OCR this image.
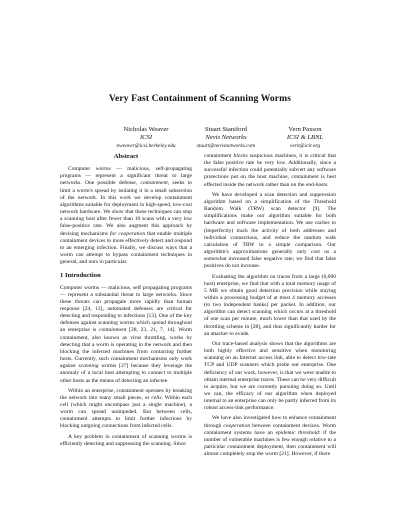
Very Fast Containment of Scanning Worms
Nicholas Weaver
ICSI
nweaver@icsi.berkeley.edu
Stuart Staniford
Nevis Networks
stuart@nevisnetworks.com
Vern Paxson
ICSI & LBNL
vern@icir.org
Abstract

Computer worms — malicious, self-propagating programs — represent a significant threat to large networks. One possible defense, containment, seeks to limit a worm's spread by isolating it in a small subsection of the network. In this work we develop containment algorithms suitable for deployment in high-speed, low-cost network hardware. We show that these techniques can stop a scanning host after fewer than 10 scans with a very low false-positive rate. We also augment this approach by devising mechanisms for cooperation that enable multiple containment devices to more effectively detect and respond to an emerging infection. Finally, we discuss ways that a worm can attempt to bypass containment techniques in general, and ours in particular.

1 Introduction

Computer worms — malicious, self propagating programs — represent a substantial threat to large networks. Since these threats can propagate more rapidly than human response [24, 12], automated defenses are critical for detecting and responding to infections [13]. One of the key defenses against scanning worms which spread throughout an enterprise is containment [28, 23, 21, 7, 14]. Worm containment, also known as virus throttling, works by detecting that a worm is operating in the network and then blocking the infected machines from contacting further hosts. Currently, such containment mechanisms only work against scanning worms [27] because they leverage the anomaly of a local host attempting to connect to multiple other hosts as the means of detecting an infectee.

Within an enterprise, containment operates by breaking the network into many small pieces, or cells. Within each cell (which might encompass just a single machine), a worm can spread unimpeded. But between cells, containment attempts to limit further infections by blocking outgoing connections from infected cells.

A key problem in containment of scanning worms is efficiently detecting and suppressing the scanning. Since

containment blocks suspicious machines, it is critical that the false positive rate be very low. Additionally, since a successful infection could potentially subvert any software protections put on the host machine, containment is best effected inside the network rather than on the end-hosts.

We have developed a scan detection and suppression algorithm based on a simplification of the Threshold Random Walk (TRW) scan detector [9]. The simplifications make our algorithm suitable for both hardware and software implementation. We use caches to (imperfectly) track the activity of both addresses and individual connections, and reduce the random walk calculation of TRW to a simple comparison. Our algorithm's approximations generally only cost us a somewhat increased false negative rate; we find that false positives do not increase.

Evaluating the algorithm on traces from a large (6,000 host) enterprise, we find that with a total memory usage of 5 MB we obtain good detection precision while staying within a processing budget of at most 4 memory accesses (to two independent banks) per packet. In addition, our algorithm can detect scanning which occurs at a threshold of one scan per minute, much lower than that used by the throttling scheme in [28], and thus significantly harder for an attacker to evade.

Our trace-based analysis shows that the algorithms are both highly effective and sensitive when monitoring scanning on an Internet access link, able to detect low-rate TCP and UDP scanners which probe our enterprise. One deficiency of our work, however, is that we were unable to obtain internal enterprise traces. These can be very difficult to acquire, but we are currently pursuing doing so. Until we can, the efficacy of our algorithm when deployed internal to an enterprise can only be partly inferred from its robust access-link performance.

We have also investigated how to enhance containment through cooperation between containment devices. Worm containment systems have an epidemic threshold: if the number of vulnerable machines is few enough relative to a particular containment deployment, then containment will almost completely stop the worm [21]. However, if there
